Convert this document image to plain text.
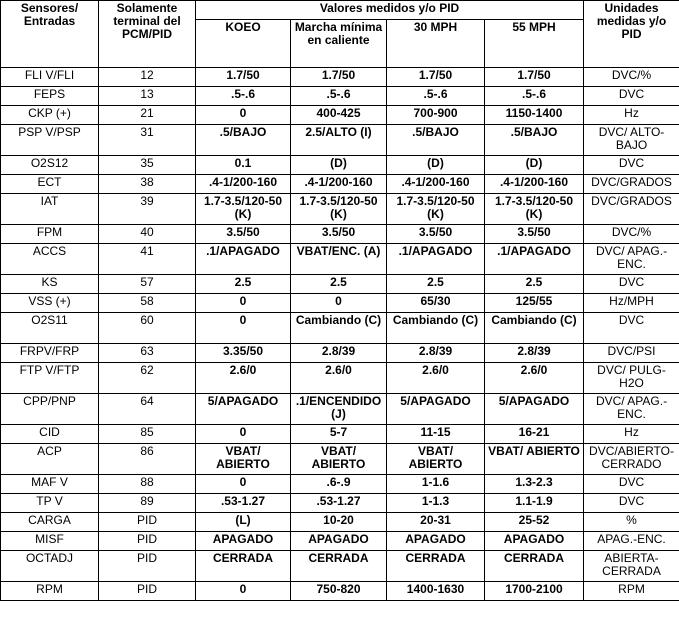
Sensores/ Entradas	Solamente terminal del PCM/PID	Valores medidos y/o PID				Unidades medidas y/o PID
		KOEO	Marcha mínima en caliente	30 MPH	55 MPH	
FLI V/FLI	12	1.7/50	1.7/50	1.7/50	1.7/50	DVC/%
FEPS	13	.5-.6	.5-.6	.5-.6	.5-.6	DVC
CKP (+)	21	0	400-425	700-900	1150-1400	Hz
PSP V/PSP	31	.5/BAJO	2.5/ALTO (I)	.5/BAJO	.5/BAJO	DVC/ ALTO-BAJO
O2S12	35	0.1	(D)	(D)	(D)	DVC
ECT	38	.4-1/200-160	.4-1/200-160	.4-1/200-160	.4-1/200-160	DVC/GRADOS
IAT	39	1.7-3.5/120-50 (K)	1.7-3.5/120-50 (K)	1.7-3.5/120-50 (K)	1.7-3.5/120-50 (K)	DVC/GRADOS
FPM	40	3.5/50	3.5/50	3.5/50	3.5/50	DVC/%
ACCS	41	.1/APAGADO	VBAT/ENC. (A)	.1/APAGADO	.1/APAGADO	DVC/ APAG.-ENC.
KS	57	2.5	2.5	2.5	2.5	DVC
VSS (+)	58	0	0	65/30	125/55	Hz/MPH
O2S11	60	0	Cambiando (C)	Cambiando (C)	Cambiando (C)	DVC
FRPV/FRP	63	3.35/50	2.8/39	2.8/39	2.8/39	DVC/PSI
FTP V/FTP	62	2.6/0	2.6/0	2.6/0	2.6/0	DVC/ PULG-H2O
CPP/PNP	64	5/APAGADO	.1/ENCENDIDO (J)	5/APAGADO	5/APAGADO	DVC/ APAG.-ENC.
CID	85	0	5-7	11-15	16-21	Hz
ACP	86	VBAT/ ABIERTO	VBAT/ ABIERTO	VBAT/ ABIERTO	VBAT/ ABIERTO	DVC/ABIERTO- CERRADO
MAF V	88	0	.6-.9	1-1.6	1.3-2.3	DVC
TP V	89	.53-1.27	.53-1.27	1-1.3	1.1-1.9	DVC
CARGA	PID	(L)	10-20	20-31	25-52	%
MISF	PID	APAGADO	APAGADO	APAGADO	APAGADO	APAG.-ENC.
OCTADJ	PID	CERRADA	CERRADA	CERRADA	CERRADA	ABIERTA- CERRADA
RPM	PID	0	750-820	1400-1630	1700-2100	RPM
